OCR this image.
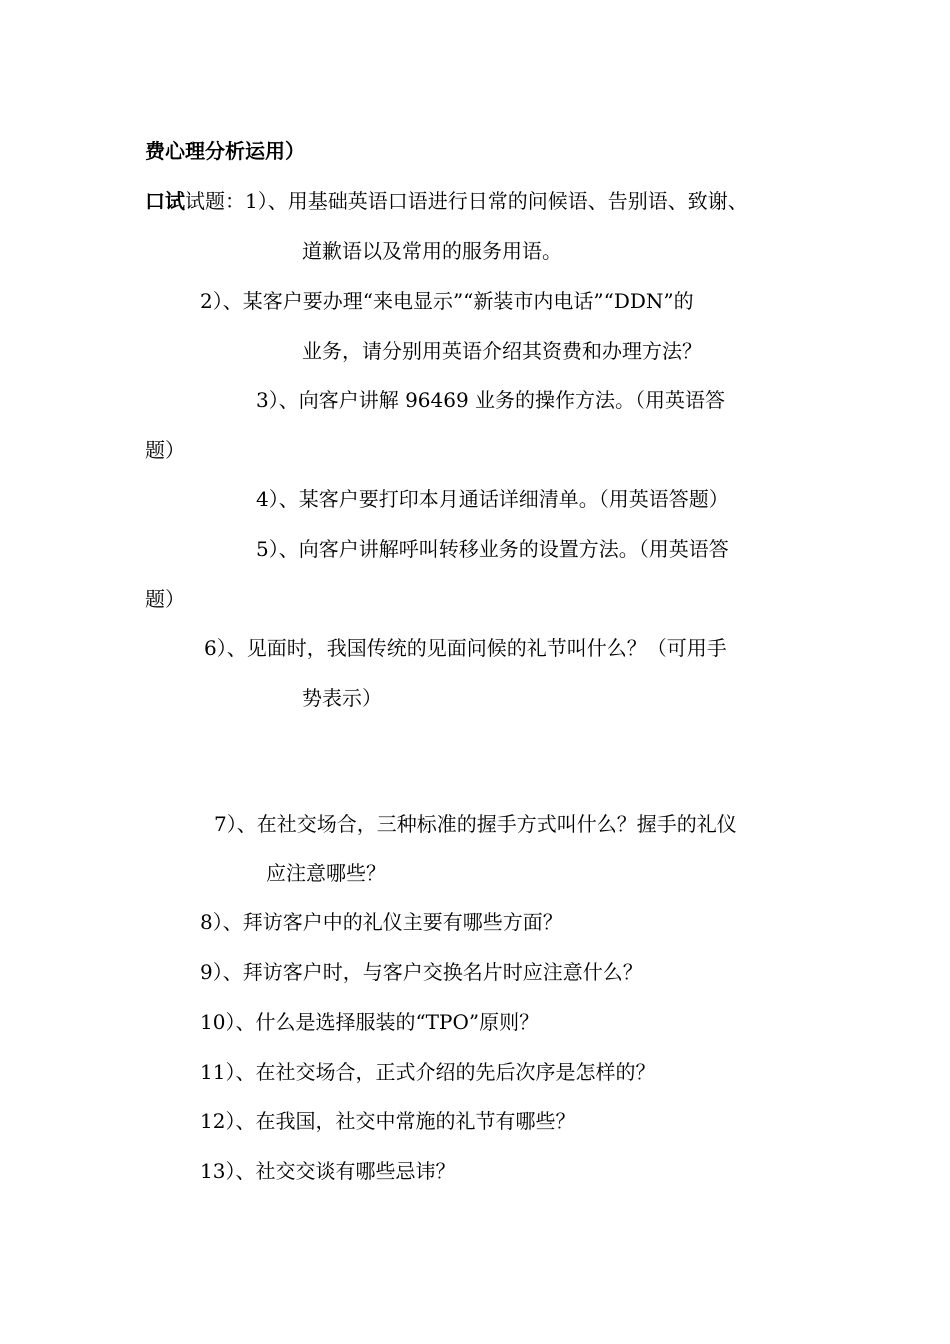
费心理分析运用）
口试试题：1）、用基础英语口语进行日常的问候语、告别语、致谢、
道歉语以及常用的服务用语。
2）、某客户要办理“来电显示”“新装市内电话”“DDN”的
业务，请分别用英语介绍其资费和办理方法？
3）、向客户讲解 96469 业务的操作方法。（用英语答
题）
4）、某客户要打印本月通话详细清单。（用英语答题）
5）、向客户讲解呼叫转移业务的设置方法。（用英语答
题）
6）、见面时，我国传统的见面问候的礼节叫什么？（可用手
势表示）
7）、在社交场合，三种标准的握手方式叫什么？握手的礼仪
应注意哪些？
8）、拜访客户中的礼仪主要有哪些方面？
9）、拜访客户时，与客户交换名片时应注意什么？
10）、什么是选择服装的“TPO”原则？
11）、在社交场合，正式介绍的先后次序是怎样的？
12）、在我国，社交中常施的礼节有哪些？
13）、社交交谈有哪些忌讳？
